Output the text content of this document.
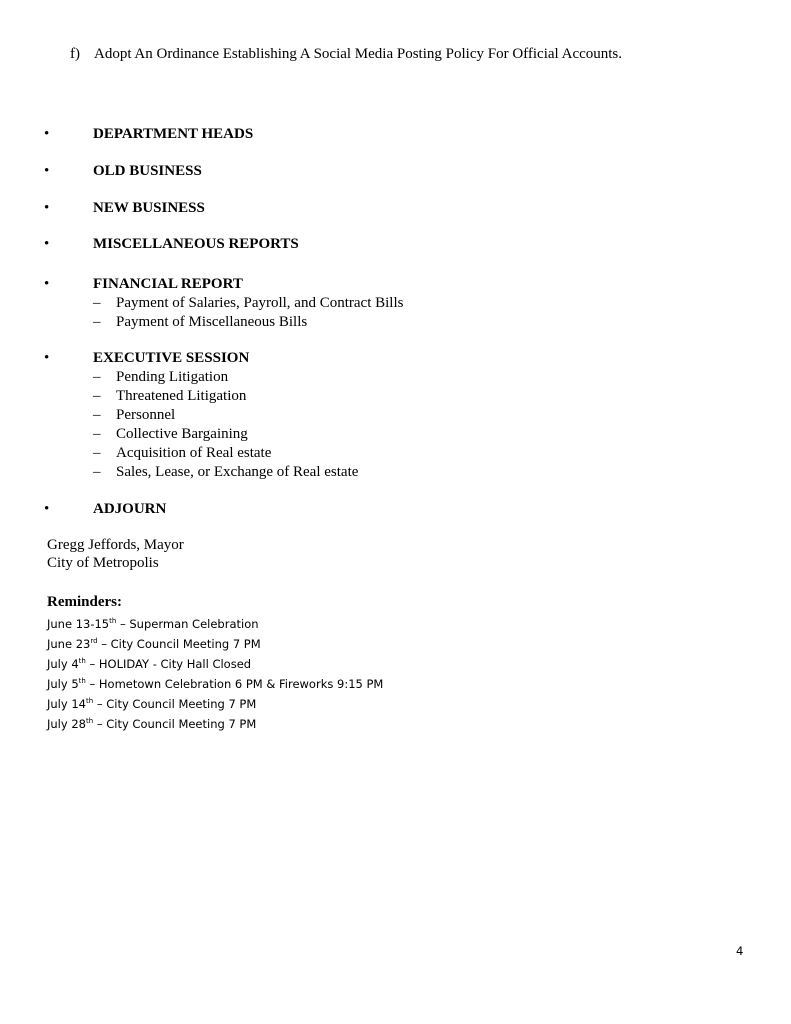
f) Adopt An Ordinance Establishing A Social Media Posting Policy For Official Accounts.
•	DEPARTMENT HEADS
•	OLD BUSINESS
•	NEW BUSINESS
•	MISCELLANEOUS REPORTS
•	FINANCIAL REPORT
– Payment of Salaries, Payroll, and Contract Bills
– Payment of Miscellaneous Bills
•	EXECUTIVE SESSION
– Pending Litigation
– Threatened Litigation
– Personnel
– Collective Bargaining
– Acquisition of Real estate
– Sales, Lease, or Exchange of Real estate
•	ADJOURN
Gregg Jeffords, Mayor
City of Metropolis
Reminders:
June 13-15th – Superman Celebration
June 23rd – City Council Meeting 7 PM
July 4th – HOLIDAY - City Hall Closed
July 5th – Hometown Celebration 6 PM & Fireworks 9:15 PM
July 14th – City Council Meeting 7 PM
July 28th – City Council Meeting 7 PM
4
